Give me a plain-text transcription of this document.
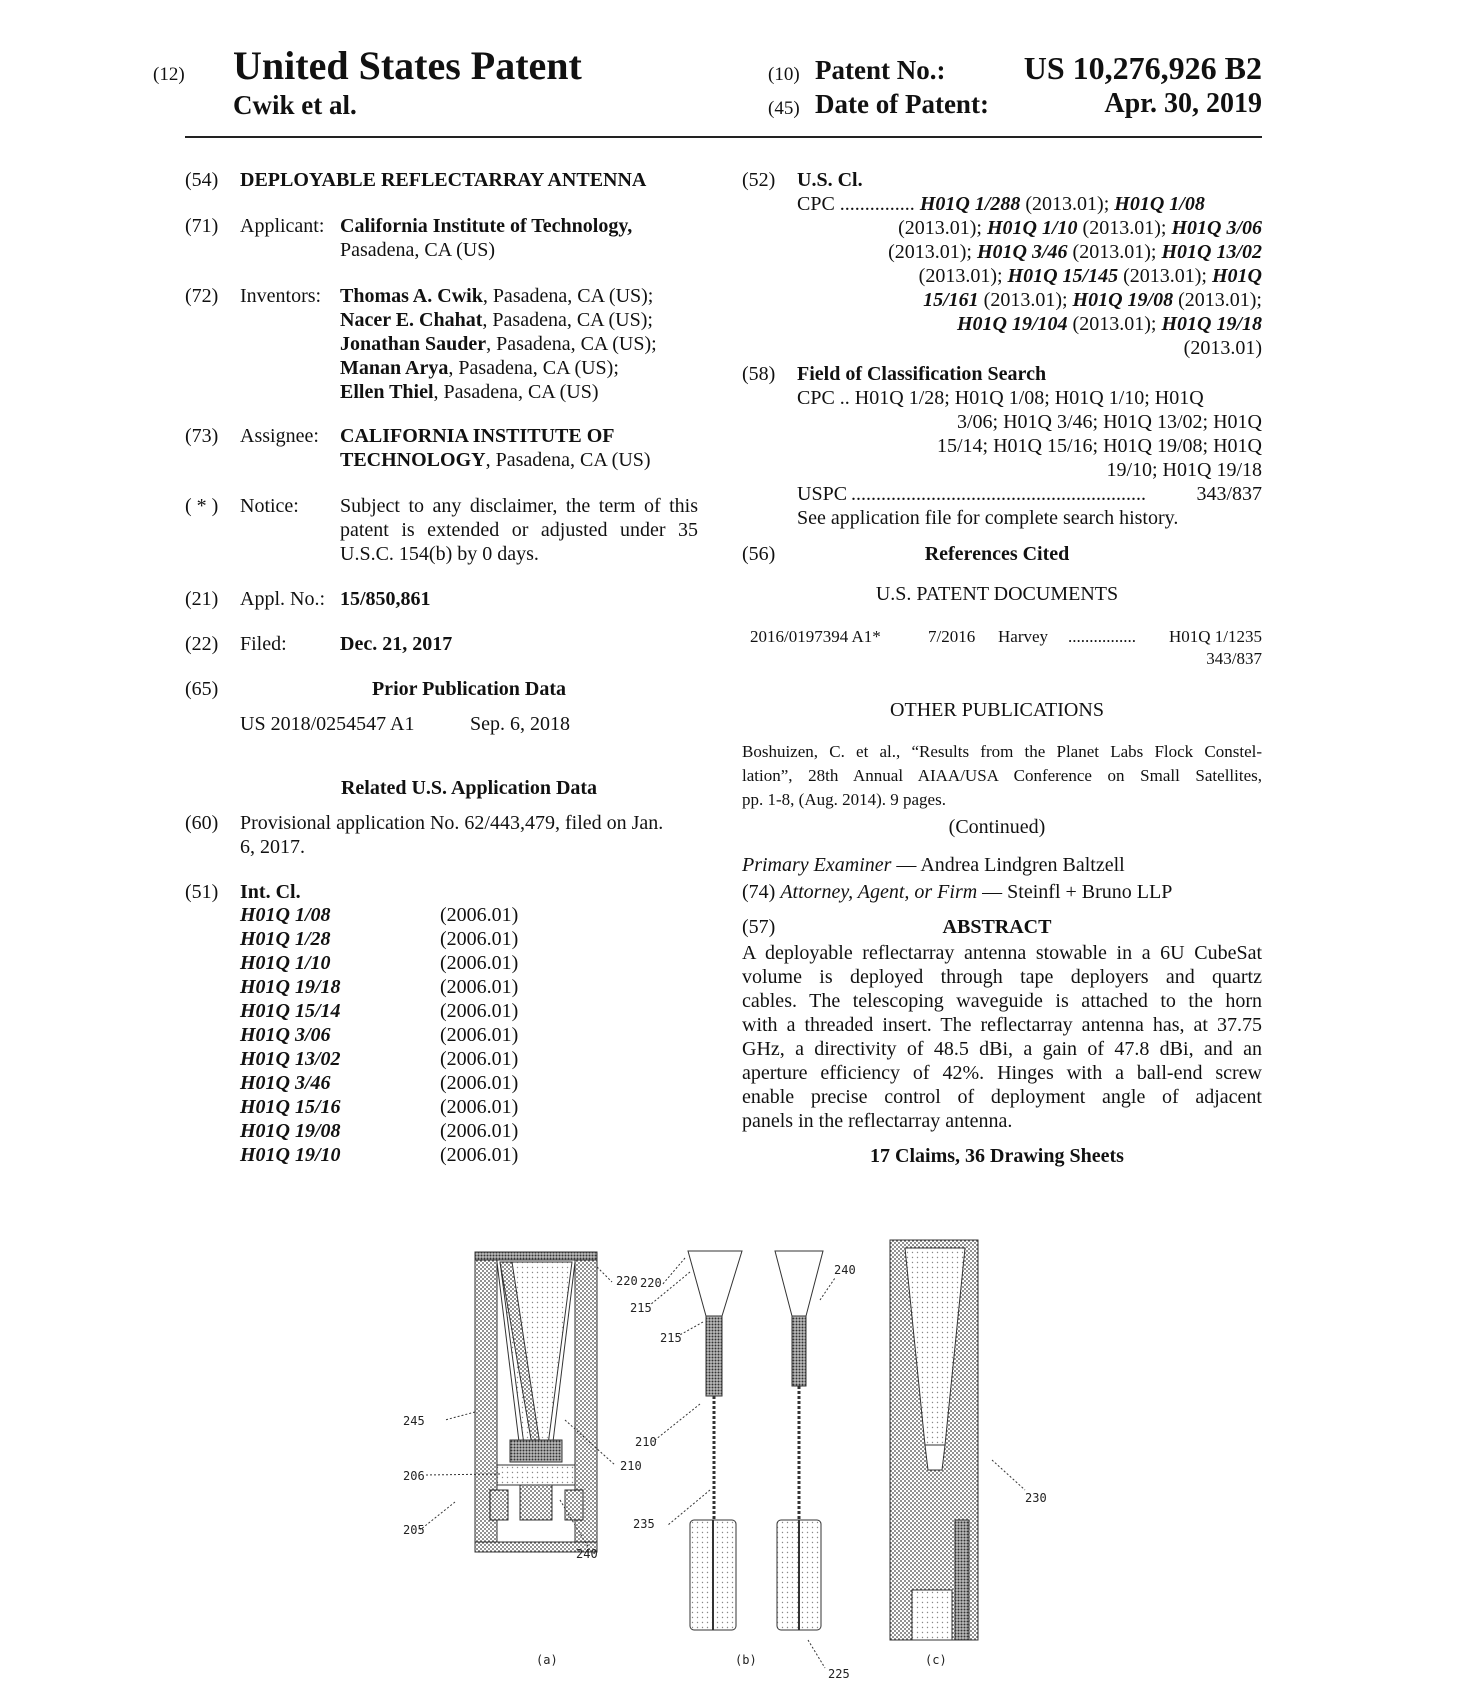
(12) United States Patent
Cwik et al.
(10) Patent No.:	US 10,276,926 B2
(45) Date of Patent:	Apr. 30, 2019
(54) DEPLOYABLE REFLECTARRAY ANTENNA
(71) Applicant: California Institute of Technology,
Pasadena, CA (US)
(72) Inventors: Thomas A. Cwik, Pasadena, CA (US);
Nacer E. Chahat, Pasadena, CA (US);
Jonathan Sauder, Pasadena, CA (US);
Manan Arya, Pasadena, CA (US);
Ellen Thiel, Pasadena, CA (US)
(73) Assignee: CALIFORNIA INSTITUTE OF
TECHNOLOGY, Pasadena, CA (US)
( * ) Notice: Subject to any disclaimer, the term of this
patent is extended or adjusted under 35
U.S.C. 154(b) by 0 days.
(21) Appl. No.: 15/850,861
(22) Filed:	Dec. 21, 2017
(65)	Prior Publication Data
US 2018/0254547 A1	Sep. 6, 2018
Related U.S. Application Data
(60) Provisional application No. 62/443,479, filed on Jan.
6, 2017.
(51) Int. Cl.
H01Q 1/08	(2006.01)
H01Q 1/28	(2006.01)
H01Q 1/10	(2006.01)
H01Q 19/18	(2006.01)
H01Q 15/14	(2006.01)
H01Q 3/06	(2006.01)
H01Q 13/02	(2006.01)
H01Q 3/46	(2006.01)
H01Q 15/16	(2006.01)
H01Q 19/08	(2006.01)
H01Q 19/10	(2006.01)
(52) U.S. Cl.
CPC ............... H01Q 1/288 (2013.01); H01Q 1/08
(2013.01); H01Q 1/10 (2013.01); H01Q 3/06
(2013.01); H01Q 3/46 (2013.01); H01Q 13/02
(2013.01); H01Q 15/145 (2013.01); H01Q
15/161 (2013.01); H01Q 19/08 (2013.01);
H01Q 19/104 (2013.01); H01Q 19/18
(2013.01)
(58) Field of Classification Search
CPC .. H01Q 1/28; H01Q 1/08; H01Q 1/10; H01Q
3/06; H01Q 3/46; H01Q 13/02; H01Q
15/14; H01Q 15/16; H01Q 19/08; H01Q
19/10; H01Q 19/18
USPC ...........................................................	343/837
See application file for complete search history.
(56)	References Cited
U.S. PATENT DOCUMENTS
2016/0197394 A1*	7/2016	Harvey	................	H01Q 1/1235
343/837
OTHER PUBLICATIONS
Boshuizen, C. et al., “Results from the Planet Labs Flock Constel-
lation”, 28th Annual AIAA/USA Conference on Small Satellites,
pp. 1-8, (Aug. 2014). 9 pages.
(Continued)
Primary Examiner — Andrea Lindgren Baltzell
(74) Attorney, Agent, or Firm — Steinfl + Bruno LLP
(57)	ABSTRACT
A deployable reflectarray antenna stowable in a 6U CubeSat
volume is deployed through tape deployers and quartz
cables. The telescoping waveguide is attached to the horn
with a threaded insert. The reflectarray antenna has, at 37.75
GHz, a directivity of 48.5 dBi, a gain of 47.8 dBi, and an
aperture efficiency of 42%. Hinges with a ball-end screw
enable precise control of deployment angle of adjacent
panels in the reflectarray antenna.
17 Claims, 36 Drawing Sheets
220
220
215
215
210
210
245
206
205
240
240
235
225
230
(a)	(b)	(c)
